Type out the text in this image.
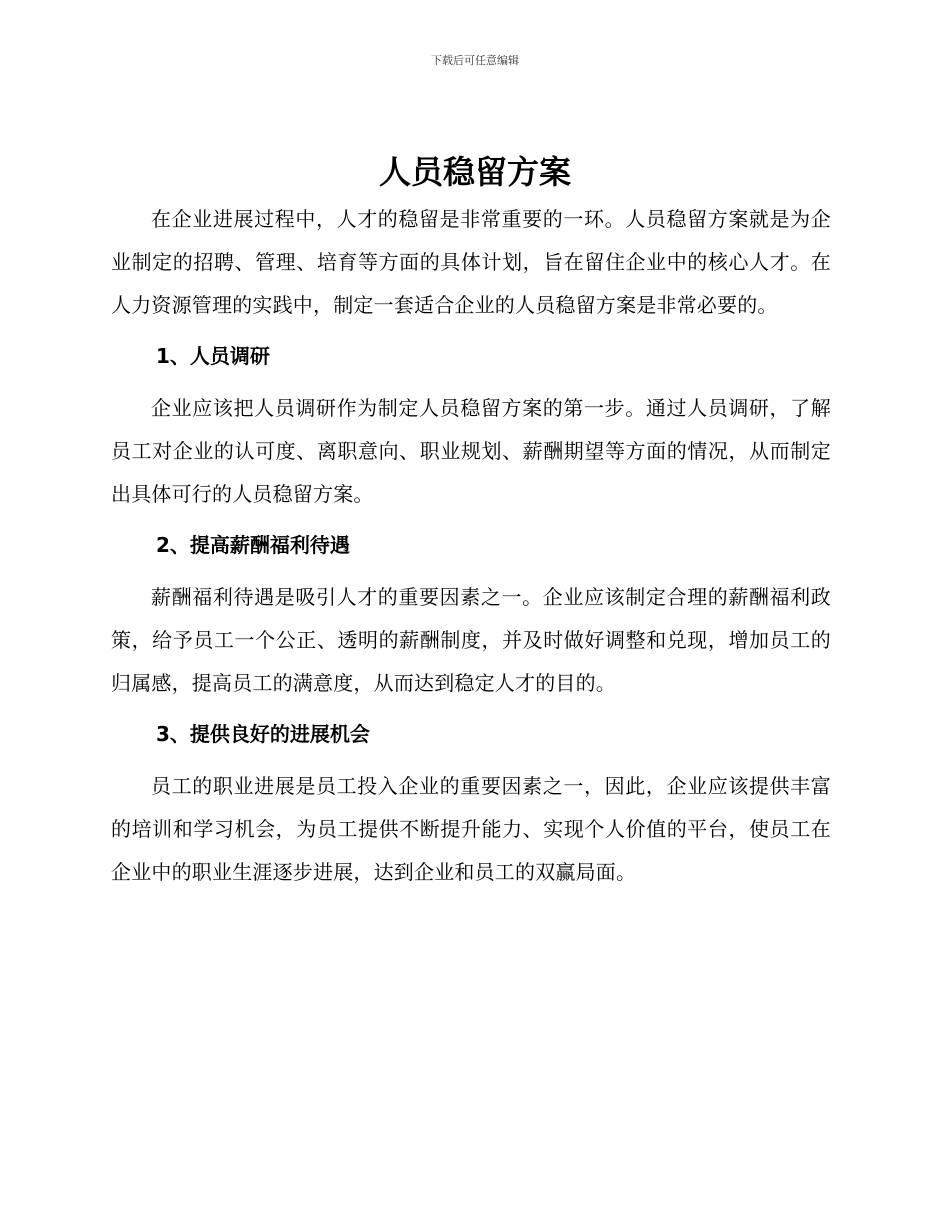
下载后可任意编辑
人员稳留方案

在企业进展过程中，人才的稳留是非常重要的一环。人员稳留方案就是为企业制定的招聘、管理、培育等方面的具体计划，旨在留住企业中的核心人才。在人力资源管理的实践中，制定一套适合企业的人员稳留方案是非常必要的。

1、人员调研

企业应该把人员调研作为制定人员稳留方案的第一步。通过人员调研，了解员工对企业的认可度、离职意向、职业规划、薪酬期望等方面的情况，从而制定出具体可行的人员稳留方案。

2、提高薪酬福利待遇

薪酬福利待遇是吸引人才的重要因素之一。企业应该制定合理的薪酬福利政策，给予员工一个公正、透明的薪酬制度，并及时做好调整和兑现，增加员工的归属感，提高员工的满意度，从而达到稳定人才的目的。

3、提供良好的进展机会

员工的职业进展是员工投入企业的重要因素之一，因此，企业应该提供丰富的培训和学习机会，为员工提供不断提升能力、实现个人价值的平台，使员工在企业中的职业生涯逐步进展，达到企业和员工的双赢局面。
